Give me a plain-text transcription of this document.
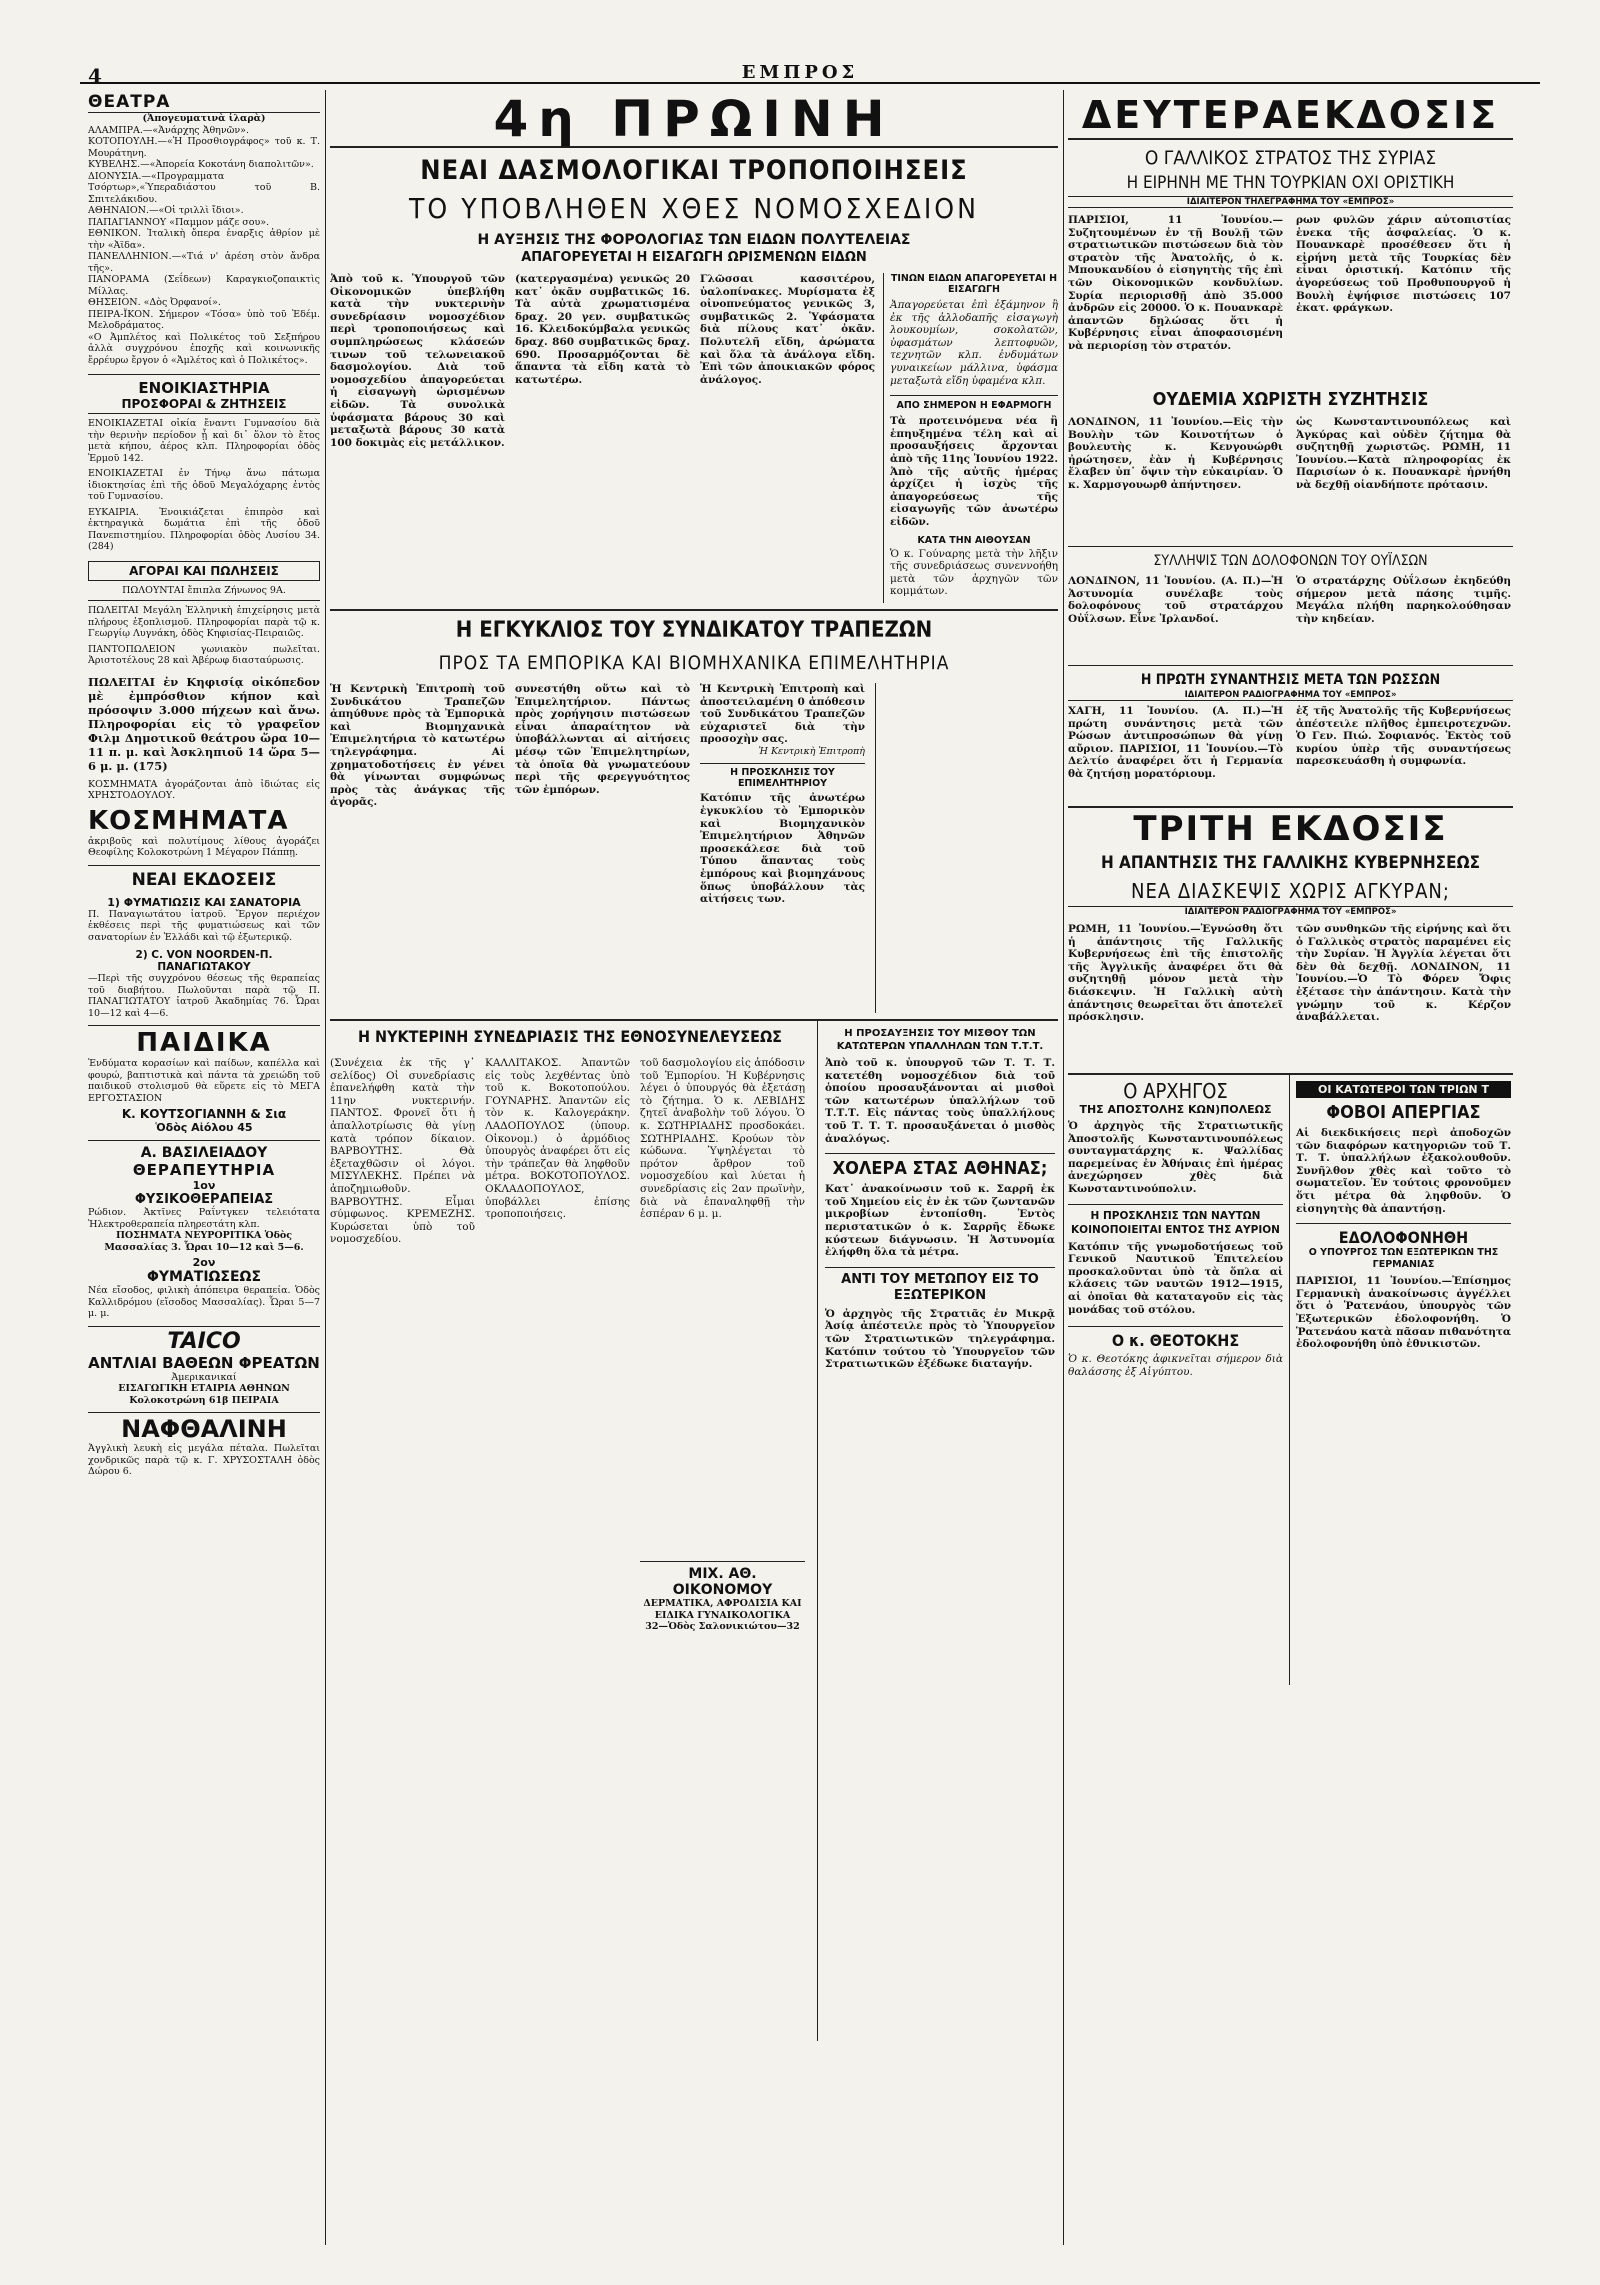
4	ΕΜΠΡΟΣ
ΘΕΑΤΡΑ
(Ἀπογευματινὰ ἱλαρὰ)
ΑΛΑΜΠΡΑ.—«Ἀνάρχης Ἀθηνῶν».
ΚΟΤΟΠΟΥΛΗ.—«Ἡ Προσθιογράφος» τοῦ κ. Τ. Μουράτηνη.
ΚΥΒΕΛΗΣ.—«Ἀπορεία Κοκοτάνη διαπολιτῶν».
ΔΙΟΝΥΣΙΑ.—«Προγραμματα Τσόρτωρ»,«Ὑπεραδιάστου τοῦ Β. Σπιτελάκιδου.
ΑΘΗΝΑΙΟΝ.—«Οἱ τριλλὶ ἴδιοι».
ΠΑΠΑΓΙΑΝΝΟΥ «Παμμον μάζε σου».
ΕΘΝΙΚΟΝ. Ἰταλικὴ ὄπερα ἐναρξις ἀθρίον μὲ τὴν «Ἀϊδα».
ΠΑΝΕΛΛΗΝΙΟΝ.—«Τιά ν' ἀρέση στὸν ἄνδρα τῆς».
ΠΑΝΟΡΑΜΑ (Σεΐδεων) Καραγκιοζοπαικτὶς Μίλλας.
ΘΗΣΕΙΟΝ. «Δὸς Ὀρφανοί».
ΠΕΙΡΑ-ΪΚΟΝ. Σήμερον «Τόσα» ὑπὸ τοῦ Ἐδέμ. Μελοδράματος.
«Ο Ἀμπλέτος καὶ Πολικέτος τοῦ Σεξπήρου ἀλλὰ συγχρόνου ἐποχῆς καὶ κοινωνικῆς ἔρρέυρω ἔργον ὁ «Ἀμλέτος καὶ ὁ Πολικέτος».
ΕΝΟΙΚΙΑΣΤΗΡΙΑ
ΠΡΟΣΦΟΡΑΙ & ΖΗΤΗΣΕΙΣ
ΕΝΟΙΚΙΑΖΕΤΑΙ οἰκία ἔναντι Γυμνασίου διὰ τὴν θερινὴν περίοδον ᾗ καὶ δι᾽ ὅλον τὸ ἔτος μετὰ κήπου, ἀέρος κλπ. Πληροφορίαι ὁδὸς Ἐρμοῦ 142.
ΕΝΟΙΚΙΑΖΕΤΑΙ ἐν Τήνῳ ἄνω πάτωμα ἰδιοκτησίας ἐπὶ τῆς ὁδοῦ Μεγαλόχαρης ἐντὸς τοῦ Γυμνασίου.
ΕΥΚΑΙΡΙΑ. Ἐνοικιάζεται ἐπιπρὸσ καὶ ἐκτηραγικὰ δωμάτια ἐπὶ τῆς ὁδοῦ Πανεπιστημίου. Πληροφορίαι ὁδὸς Λυσίου 34. (284)
ΑΓΟΡΑΙ ΚΑΙ ΠΩΛΗΣΕΙΣ
ΠΩΛΟΥΝΤΑΙ ἔπιπλα Ζήνωνος 9Α.
ΠΩΛΕΙΤΑΙ Μεγάλη Ἑλληνικὴ ἐπιχείρησις μετὰ πλήρους ἐξοπλισμοῦ. Πληροφορίαι παρὰ τῷ κ. Γεωργίῳ Λυγνάκη, ὁδὸς Κηφισίας-Πειραιῶς.
ΠΑΝΤΟΠΩΛΕΙΟΝ γωνιακὸν πωλεῖται. Ἀριστοτέλους 28 καὶ Ἀβέρωφ διασταύρωσις.
ΠΩΛΕΙΤΑΙ ἐν Κηφισίᾳ οἰκόπεδον μὲ ἐμπρόσθιον κήπον καὶ πρόσοψιν 3.000 πήχεων καὶ ἄνω. Πληροφορίαι εἰς τὸ γραφεῖον Φιλμ Δημοτικοῦ θεάτρου ὥρα 10—11 π. μ. καὶ Ἀσκληπιοῦ 14 ὥρα 5—6 μ. μ. (175)
ΚΟΣΜΗΜΑΤΑ ἀγοράζονται ἀπὸ ἰδιώτας εἰς ΧΡΗΣΤΟΔΟΥΛΟΥ.
ΚΟΣΜΗΜΑΤΑ
ἀκριβοῦς καὶ πολυτίμους λίθους ἀγοράζει Θεοφίλης Κολοκοτρώνη 1 Μέγαρον Πάππῃ.
ΝΕΑΙ ΕΚΔΟΣΕΙΣ
1) ΦΥΜΑΤΙΩΣΙΣ ΚΑΙ ΣΑΝΑΤΟΡΙΑ
Π. Παναγιωτάτου ἰατροῦ. Ἔργον περιέχον ἐκθέσεις περὶ τῆς φυματιώσεως καὶ τῶν σανατορίων ἐν Ἑλλάδι καὶ τῷ ἐξωτερικῷ.
2) C. VON NOORDEN-Π. ΠΑΝΑΓΙΩΤΑΚΟΥ
—Περὶ τῆς συγχρόνου θέσεως τῆς θεραπείας τοῦ διαβήτου. Πωλοῦνται παρὰ τῷ Π. ΠΑΝΑΓΙΩΤΑΤΟΥ ἰατροῦ Ἀκαδημίας 76. Ὧραι 10—12 καὶ 4—6.
ΠΑΙΔΙΚΑ
Ἐνδύματα κορασίων καὶ παίδων, καπέλλα καὶ φουρώ, βαπτιστικὰ καὶ πάντα τὰ χρειώδη τοῦ παιδικοῦ στολισμοῦ θὰ εὕρετε εἰς τὸ ΜΕΓΑ ΕΡΓΟΣΤΑΣΙΟΝ
Κ. ΚΟΥΤΣΟΓΙΑΝΝΗ & Σια
Ὁδὸς Αἰόλου 45
Α. ΒΑΣΙΛΕΙΑΔΟΥ
ΘΕΡΑΠΕΥΤΗΡΙΑ
1ον
ΦΥΣΙΚΟΘΕΡΑΠΕΙΑΣ
Ρώδιον. Ἀκτῖνες Ραΐντγκεν τελειότατα Ἠλεκτροθεραπεία πληρεστάτη κλπ.
ΠΟΣΗΜΑΤΑ ΝΕΥΡΟΡΙΤΙΚΑ Ὁδὸς Μασσαλίας 3. Ὧραι 10—12 καὶ 5—6.
2ον
ΦΥΜΑΤΙΩΣΕΩΣ
Νέα εἴσοδος, φιλικὴ ἀπόπειρα θεραπεία. Ὁδὸς Καλλιδρόμου (εἴσοδος Μασσαλίας). Ὧραι 5—7 μ. μ.
TAICO
ΑΝΤΛΙΑΙ ΒΑΘΕΩΝ ΦΡΕΑΤΩΝ
Ἀμερικανικαί
ΕΙΣΑΓΩΓΙΚΗ ΕΤΑΙΡΙΑ ΑΘΗΝΩΝ Κολοκοτρώνη 61β ΠΕΙΡΑΙΑ
ΝΑΦΘΑΛΙΝΗ
Ἀγγλικὴ λευκὴ εἰς μεγάλα πέταλα. Πωλεῖται χονδρικῶς παρὰ τῷ κ. Γ. ΧΡΥΣΟΣΤΑΛΗ ὁδὸς Δώρου 6.
4η ΠΡΩΙΝΗ
ΝΕΑΙ ΔΑΣΜΟΛΟΓΙΚΑΙ ΤΡΟΠΟΠΟΙΗΣΕΙΣ
ΤΟ ΥΠΟΒΛΗΘΕΝ ΧΘΕΣ ΝΟΜΟΣΧΕΔΙΟΝ
Η ΑΥΞΗΣΙΣ ΤΗΣ ΦΟΡΟΛΟΓΙΑΣ ΤΩΝ ΕΙΔΩΝ ΠΟΛΥΤΕΛΕΙΑΣ
ΑΠΑΓΟΡΕΥΕΤΑΙ Η ΕΙΣΑΓΩΓΗ ΩΡΙΣΜΕΝΩΝ ΕΙΔΩΝ
Ἀπὸ τοῦ κ. Ὑπουργοῦ τῶν Οἰκονομικῶν ὑπεβλήθη κατὰ τὴν νυκτερινὴν συνεδρίασιν νομοσχέδιον περὶ τροποποιήσεως καὶ συμπληρώσεως κλάσεών τινων τοῦ τελωνειακοῦ δασμολογίου. Διὰ τοῦ νομοσχεδίου ἀπαγορεύεται ἡ εἰσαγωγὴ ὡρισμένων εἰδῶν. Τὰ συνολικὰ ὑφάσματα βάρους 30 καὶ μεταξωτὰ βάρους 30 κατὰ 100 δοκιμὰς εἰς μετάλλικον.
(κατεργασμένα) γενικῶς 20 κατ᾽ ὀκᾶν συμβατικῶς 16. Τὰ αὐτὰ χρωματισμένα δραχ. 20 γεν. συμβατικῶς 16. Κλειδοκύμβαλα γενικῶς δραχ. 860 συμβατικῶς δραχ. 690. Προσαρμόζονται δὲ ἅπαντα τὰ εἴδη κατὰ τὸ κατωτέρω.
Γλῶσσαι κασσιτέρου, ὑαλοπίνακες. Μυρίσματα ἐξ οἰνοπνεύματος γενικῶς 3, συμβατικῶς 2. Ὑφάσματα διὰ πίλους κατ᾽ ὀκᾶν. Πολυτελῆ εἴδη, ἀρώματα καὶ ὅλα τὰ ἀνάλογα εἴδη. Ἐπὶ τῶν ἀποικιακῶν φόρος ἀνάλογος.
ΤΙΝΩΝ ΕΙΔΩΝ ΑΠΑΓΟΡΕΥΕΤΑΙ Η ΕΙΣΑΓΩΓΗ
Ἀπαγορεύεται ἐπὶ ἑξάμηνον ἢ ἐκ τῆς ἀλλοδαπῆς εἰσαγωγὴ λουκουμίων, σοκολατῶν, ὑφασμάτων λεπτοφυῶν, τεχνητῶν κλπ. ἐνδυμάτων γυναικείων μάλλινα, ὑφάσμα μεταξωτὰ εἴδη ὑφαμένα κλπ.
ΑΠΟ ΣΗΜΕΡΟΝ Η ΕΦΑΡΜΟΓΗ
Τὰ προτεινόμενα νέα ἢ ἐπηυξημένα τέλη καὶ αἱ προσαυξήσεις ἄρχονται ἀπὸ τῆς 11ης Ἰουνίου 1922. Ἀπὸ τῆς αὐτῆς ἡμέρας ἀρχίζει ἡ ἰσχὺς τῆς ἀπαγορεύσεως τῆς εἰσαγωγῆς τῶν ἀνωτέρω εἰδῶν.
ΚΑΤΑ ΤΗΝ ΑΙΘΟΥΣΑΝ
Ὁ κ. Γούναρης μετὰ τὴν λῆξιν τῆς συνεδριάσεως συνεννοήθη μετὰ τῶν ἀρχηγῶν τῶν κομμάτων.
Η ΕΓΚΥΚΛΙΟΣ ΤΟΥ ΣΥΝΔΙΚΑΤΟΥ ΤΡΑΠΕΖΩΝ
ΠΡΟΣ ΤΑ ΕΜΠΟΡΙΚΑ ΚΑΙ ΒΙΟΜΗΧΑΝΙΚΑ ΕΠΙΜΕΛΗΤΗΡΙΑ
Ἡ Κεντρικὴ Ἐπιτροπὴ τοῦ Συνδικάτου Τραπεζῶν ἀπηύθυνε πρὸς τὰ Ἐμπορικὰ καὶ Βιομηχανικὰ Ἐπιμελητήρια τὸ κατωτέρω τηλεγράφημα. Αἱ χρηματοδοτήσεις ἐν γένει θὰ γίνωνται συμφώνως πρὸς τὰς ἀνάγκας τῆς ἀγορᾶς.
συνεστήθη οὕτω καὶ τὸ Ἐπιμελητήριον. Πάντως πρὸς χορήγησιν πιστώσεων εἶναι ἀπαραίτητον νὰ ὑποβάλλωνται αἱ αἰτήσεις μέσῳ τῶν Ἐπιμελητηρίων, τὰ ὁποῖα θὰ γνωματεύουν περὶ τῆς φερεγγυότητος τῶν ἐμπόρων.
Ἡ Κεντρικὴ Ἐπιτροπὴ καὶ ἀποστειλαμένη 0 ἀπόθεσιν τοῦ Συνδικάτου Τραπεζῶν εὐχαριστεῖ διὰ τὴν προσοχὴν σας.
Ἡ Κεντρικὴ Ἐπιτροπὴ
Η ΠΡΟΣΚΛΗΣΙΣ ΤΟΥ ΕΠΙΜΕΛΗΤΗΡΙΟΥ
Κατόπιν τῆς ἀνωτέρω ἐγκυκλίου τὸ Ἐμπορικὸν καὶ Βιομηχανικὸν Ἐπιμελητήριον Ἀθηνῶν προσεκάλεσε διὰ τοῦ Τύπου ἅπαντας τοὺς ἐμπόρους καὶ βιομηχάνους ὅπως ὑποβάλλουν τὰς αἰτήσεις των.
Η ΝΥΚΤΕΡΙΝΗ ΣΥΝΕΔΡΙΑΣΙΣ ΤΗΣ ΕΘΝΟΣΥΝΕΛΕΥΣΕΩΣ
(Συνέχεια ἐκ τῆς γ᾽ σελίδος) Οἱ συνεδρίασις ἐπανελήφθη κατὰ τὴν 11ην νυκτερινήν. ΠΑΝΤΟΣ. Φρονεῖ ὅτι ἡ ἀπαλλοτρίωσις θὰ γίνῃ κατὰ τρόπον δίκαιον. ΒΑΡΒΟΥΤΗΣ. Θὰ ἐξεταχθῶσιν οἱ λόγοι. ΜΙΣΥΛΕΚΗΣ. Πρέπει νὰ ἀποζημιωθοῦν. ΒΑΡΒΟΥΤΗΣ. Εἶμαι σύμφωνος. ΚΡΕΜΕΖΗΣ. Κυρώσεται ὑπὸ τοῦ νομοσχεδίου.
ΚΑΛΛΙΤΑΚΟΣ. Ἀπαντῶν εἰς τοὺς λεχθέντας ὑπὸ τοῦ κ. Βοκοτοπούλου. ΓΟΥΝΑΡΗΣ. Ἀπαντῶν εἰς τὸν κ. Καλογεράκην. ΛΑΔΟΠΟΥΛΟΣ (ὑπουρ. Οἰκονομ.) ὁ ἀρμόδιος ὑπουργὸς ἀναφέρει ὅτι εἰς τὴν τράπεζαν θὰ ληφθοῦν μέτρα. ΒΟΚΟΤΟΠΟΥΛΟΣ. ΟΚΛΑΔΟΠΟΥΛΟΣ, ὑποβάλλει ἐπίσης τροποποιήσεις.
τοῦ δασμολογίου εἰς ἀπόδοσιν τοῦ Ἐμπορίου. Ἡ Κυβέρνησις λέγει ὁ ὑπουργός θὰ ἐξετάσῃ τὸ ζήτημα. Ὁ κ. ΛΕΒΙΔΗΣ ζητεῖ ἀναβολὴν τοῦ λόγου. Ὁ κ. ΣΩΤΗΡΙΑΔΗΣ προσδοκάει. ΣΩΤΗΡΙΑΔΗΣ. Κρούων τὸν κώδωνα. Ὑψηλέγεται τὸ πρότον ἄρθρον τοῦ νομοσχεδίου καὶ λύεται ἡ συνεδρίασις εἰς 2αν πρωϊνὴν, διὰ νὰ ἐπαναληφθῇ τὴν ἑσπέραν 6 μ. μ.
ΜΙΧ. ΑΘ. ΟΙΚΟΝΟΜΟΥ
ΔΕΡΜΑΤΙΚΑ, ΑΦΡΟΔΙΣΙΑ ΚΑΙ ΕΙΔΙΚΑ ΓΥΝΑΙΚΟΛΟΓΙΚΑ
32—Ὁδὸς Σαλονικιώτου—32
Η ΠΡΟΣΑΥΞΗΣΙΣ ΤΟΥ ΜΙΣΘΟΥ ΤΩΝ ΚΑΤΩΤΕΡΩΝ ΥΠΑΛΛΗΛΩΝ ΤΩΝ Τ.Τ.Τ.
Ἀπὸ τοῦ κ. ὑπουργοῦ τῶν Τ. Τ. Τ. κατετέθη νομοσχέδιον διὰ τοῦ ὁποίου προσαυξάνονται αἱ μισθοὶ τῶν κατωτέρων ὑπαλλήλων τοῦ Τ.Τ.Τ. Εἰς πάντας τοὺς ὑπαλλήλους τοῦ Τ. Τ. Τ. προσαυξάνεται ὁ μισθὸς ἀναλόγως.
ΧΟΛΕΡΑ ΣΤΑΣ ΑΘΗΝΑΣ;
Κατ᾽ ἀνακοίνωσιν τοῦ κ. Σαρρῆ ἐκ τοῦ Χημείου εἰς ἐν ἐκ τῶν ζωντανῶν μικροβίων ἐντοπίσθη. Ἐντὸς περιστατικῶν ὁ κ. Σαρρῆς ἔδωκε κύστεων διάγνωσιν. Ἡ Ἀστυνομία ἐλήφθη ὅλα τὰ μέτρα.
ΑΝΤΙ ΤΟΥ ΜΕΤΩΠΟΥ ΕΙΣ ΤΟ ΕΞΩΤΕΡΙΚΟΝ
Ὁ ἀρχηγὸς τῆς Στρατιᾶς ἐν Μικρᾷ Ἀσίᾳ ἀπέστειλε πρὸς τὸ Ὑπουργεῖον τῶν Στρατιωτικῶν τηλεγράφημα. Κατόπιν τούτου τὸ Ὑπουργεῖον τῶν Στρατιωτικῶν ἐξέδωκε διαταγήν.
ΔΕΥΤΕΡΑΕΚΔΟΣΙΣ
Ο ΓΑΛΛΙΚΟΣ ΣΤΡΑΤΟΣ ΤΗΣ ΣΥΡΙΑΣ
Η ΕΙΡΗΝΗ ΜΕ ΤΗΝ ΤΟΥΡΚΙΑΝ ΟΧΙ ΟΡΙΣΤΙΚΗ
ΙΔΙΑΙΤΕΡΟΝ ΤΗΛΕΓΡΑΦΗΜΑ ΤΟΥ «ΕΜΠΡΟΣ»
ΠΑΡΙΣΙΟΙ, 11 Ἰουνίου.—Συζητουμένων ἐν τῇ Βουλῇ τῶν στρατιωτικῶν πιστώσεων διὰ τὸν στρατὸν τῆς Ἀνατολῆς, ὁ κ. Μπουκανδίου ὁ εἰσηγητὴς τῆς ἐπὶ τῶν Οἰκονομικῶν κονδυλίων. Συρία περιορισθῇ ἀπὸ 35.000 ἀνδρῶν εἰς 20000. Ὁ κ. Πουανκαρὲ ἀπαντῶν δηλώσας ὅτι ἡ Κυβέρνησις εἶναι ἀποφασισμένη νὰ περιορίσῃ τὸν στρατόν.
ρων φυλῶν χάριν αὐτοπιστίας ἐνεκα τῆς ἀσφαλείας. Ὁ κ. Πουανκαρὲ προσέθεσεν ὅτι ἡ εἰρήνη μετὰ τῆς Τουρκίας δὲν εἶναι ὁριστική. Κατόπιν τῆς ἀγορεύσεως τοῦ Προθυπουργοῦ ἡ Βουλὴ ἐψήφισε πιστώσεις 107 ἑκατ. φράγκων.
ΟΥΔΕΜΙΑ ΧΩΡΙΣΤΗ ΣΥΖΗΤΗΣΙΣ
ΛΟΝΔΙΝΟΝ, 11 Ἰουνίου.—Εἰς τὴν Βουλὴν τῶν Κοινοτήτων ὁ βουλευτὴς κ. Κενγουώρθι ἠρώτησεν, ἐὰν ἡ Κυβέρνησις ἔλαβεν ὑπ᾽ ὄψιν τὴν εὐκαιρίαν. Ὁ κ. Χαρμσγουωρθ ἀπήντησεν.
ὡς Κωνσταντινουπόλεως καὶ Ἀγκύρας καὶ οὐδὲν ζήτημα θὰ συζητηθῇ χωριστῶς. ΡΩΜΗ, 11 Ἰουνίου.—Κατὰ πληροφορίας ἐκ Παρισίων ὁ κ. Πουανκαρὲ ἠρνήθη νὰ δεχθῇ οἱανδήποτε πρότασιν.
ΣΥΛΛΗΨΙΣ ΤΩΝ ΔΟΛΟΦΟΝΩΝ ΤΟΥ ΟΥΪΛΣΩΝ
ΛΟΝΔΙΝΟΝ, 11 Ἰουνίου. (Α. Π.)—Ἡ Ἀστυνομία συνέλαβε τοὺς δολοφόνους τοῦ στρατάρχου Οὐΐλσων. Εἶνε Ἰρλανδοί.
Ὁ στρατάρχης Οὐΐλσων ἐκηδεύθη σήμερον μετὰ πάσης τιμῆς. Μεγάλα πλήθη παρηκολούθησαν τὴν κηδείαν.
Η ΠΡΩΤΗ ΣΥΝΑΝΤΗΣΙΣ ΜΕΤΑ ΤΩΝ ΡΩΣΣΩΝ
ΙΔΙΑΙΤΕΡΟΝ ΡΑΔΙΟΓΡΑΦΗΜΑ ΤΟΥ «ΕΜΠΡΟΣ»
ΧΑΓΗ, 11 Ἰουνίου. (Α. Π.)—Ἡ πρώτη συνάντησις μετὰ τῶν Ρώσων ἀντιπροσώπων θὰ γίνῃ αὔριον. ΠΑΡΙΣΙΟΙ, 11 Ἰουνίου.—Τὸ Δελτίο ἀναφέρει ὅτι ἡ Γερμανία θὰ ζητήσῃ μορατόριουμ.
ἐξ τῆς Ἀνατολῆς τῆς Κυβερνήσεως ἀπέστειλε πλῆθος ἐμπειροτεχνῶν. Ὁ Γεν. Πιώ. Σοφιανός. Ἐκτὸς τοῦ κυρίου ὑπὲρ τῆς συναντήσεως παρεσκευάσθη ἡ συμφωνία.
ΤΡΙΤΗ ΕΚΔΟΣΙΣ
Η ΑΠΑΝΤΗΣΙΣ ΤΗΣ ΓΑΛΛΙΚΗΣ ΚΥΒΕΡΝΗΣΕΩΣ
ΝΕΑ ΔΙΑΣΚΕΨΙΣ ΧΩΡΙΣ ΑΓΚΥΡΑΝ;
ΙΔΙΑΙΤΕΡΟΝ ΡΑΔΙΟΓΡΑΦΗΜΑ ΤΟΥ «ΕΜΠΡΟΣ»
ΡΩΜΗ, 11 Ἰουνίου.—Ἐγνώσθη ὅτι ἡ ἀπάντησις τῆς Γαλλικῆς Κυβερνήσεως ἐπὶ τῆς ἐπιστολῆς τῆς Ἀγγλικῆς ἀναφέρει ὅτι θὰ συζητηθῇ μόνον μετὰ τὴν διάσκεψιν. Ἡ Γαλλικὴ αὐτὴ ἀπάντησις θεωρεῖται ὅτι ἀποτελεῖ πρόσκλησιν.
τῶν συνθηκῶν τῆς εἰρήνης καὶ ὅτι ὁ Γαλλικὸς στρατὸς παραμένει εἰς τὴν Συρίαν. Ἡ Ἀγγλία λέγεται ὅτι δὲν θὰ δεχθῇ. ΛΟΝΔΙΝΟΝ, 11 Ἰουνίου.—Ὁ Τὸ Φόρεν Ὄφις ἐξέτασε τὴν ἀπάντησιν. Κατὰ τὴν γνώμην τοῦ κ. Κέρζον ἀναβάλλεται.
Ο ΑΡΧΗΓΟΣ
ΤΗΣ ΑΠΟΣΤΟΛΗΣ ΚΩΝ)ΠΟΛΕΩΣ
Ὁ ἀρχηγὸς τῆς Στρατιωτικῆς Ἀποστολῆς Κωνσταντινουπόλεως συνταγματάρχης κ. Ψαλλίδας παρεμείνας ἐν Ἀθήναις ἐπὶ ἡμέρας ἀνεχώρησεν χθὲς διὰ Κωνσταντινούπολιν.
Η ΠΡΟΣΚΛΗΣΙΣ ΤΩΝ ΝΑΥΤΩΝ ΚΟΙΝΟΠΟΙΕΙΤΑΙ ΕΝΤΟΣ ΤΗΣ ΑΥΡΙΟΝ
Κατόπιν τῆς γνωμοδοτήσεως τοῦ Γενικοῦ Ναυτικοῦ Ἐπιτελείου προσκαλοῦνται ὑπὸ τὰ ὅπλα αἱ κλάσεις τῶν ναυτῶν 1912—1915, αἱ ὁποῖαι θὰ καταταγοῦν εἰς τὰς μονάδας τοῦ στόλου.
Ο κ. ΘΕΟΤΟΚΗΣ
Ὁ κ. Θεοτόκης ἀφικνεῖται σήμερον διὰ θαλάσσης ἐξ Αἰγύπτου.
ΟΙ ΚΑΤΩΤΕΡΟΙ ΤΩΝ ΤΡΙΩΝ Τ
ΦΟΒΟΙ ΑΠΕΡΓΙΑΣ
Αἱ διεκδικήσεις περὶ ἀποδοχῶν τῶν διαφόρων κατηγοριῶν τοῦ Τ. Τ. Τ. ὑπαλλήλων ἐξακολουθοῦν. Συνῆλθον χθὲς καὶ τοῦτο τὸ σωματεῖον. Ἐν τούτοις φρονοῦμεν ὅτι μέτρα θὰ ληφθοῦν. Ὁ εἰσηγητὴς θὰ ἀπαντήσῃ.
ΕΔΟΛΟΦΟΝΗΘΗ
Ο ΥΠΟΥΡΓΟΣ ΤΩΝ ΕΞΩΤΕΡΙΚΩΝ ΤΗΣ ΓΕΡΜΑΝΙΑΣ
ΠΑΡΙΣΙΟΙ, 11 Ἰουνίου.—Ἐπίσημος Γερμανικὴ ἀνακοίνωσις ἀγγέλλει ὅτι ὁ Ῥατενάου, ὑπουργὸς τῶν Ἐξωτερικῶν ἐδολοφονήθη. Ὁ Ῥατενάου κατὰ πᾶσαν πιθανότητα ἐδολοφονήθη ὑπὸ ἐθνικιστῶν.
